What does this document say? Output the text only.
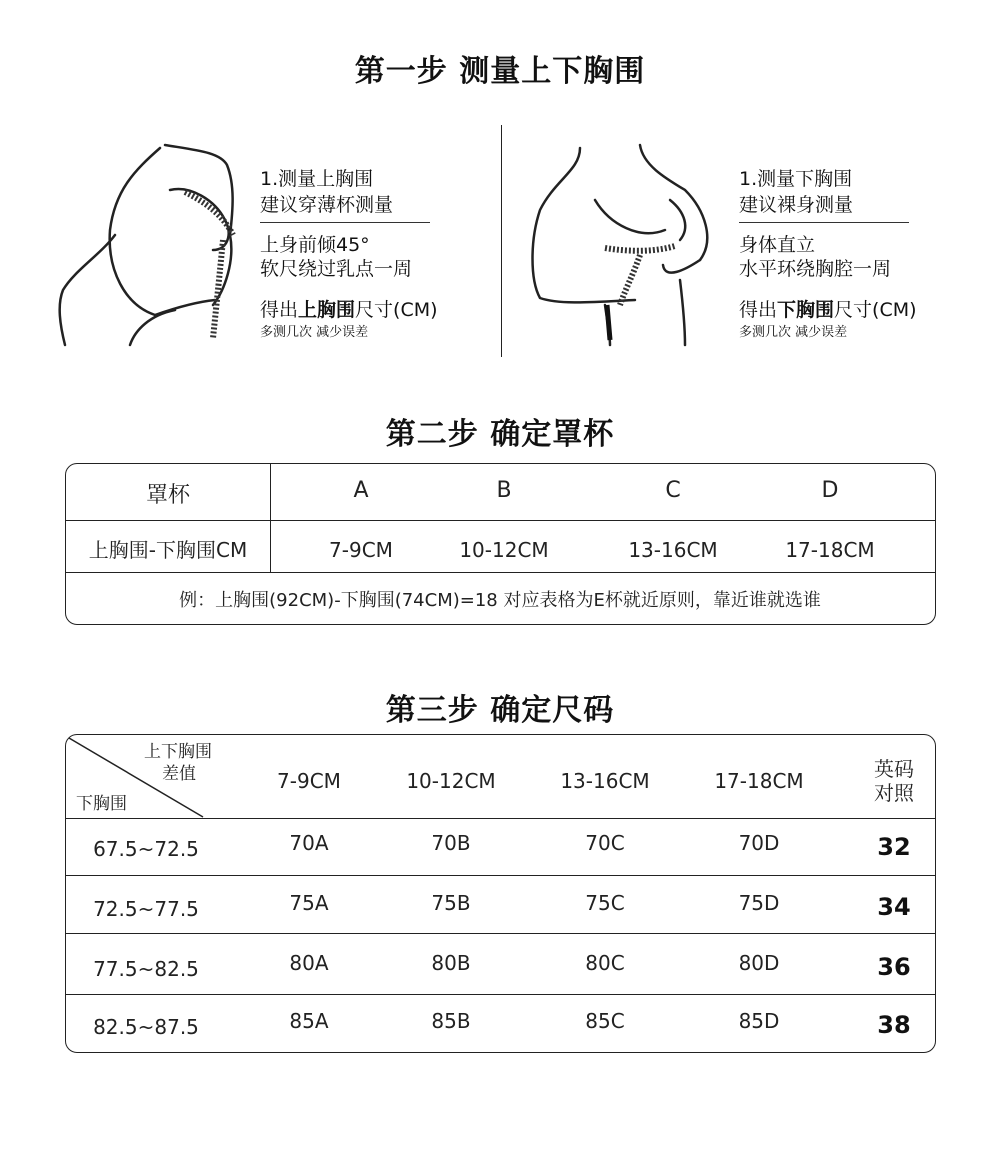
第一步 测量上下胸围
1.测量上胸围
建议穿薄杯测量
上身前倾45°
软尺绕过乳点一周
得出上胸围尺寸(CM)
多测几次 减少误差
1.测量下胸围
建议裸身测量
身体直立
水平环绕胸腔一周
得出下胸围尺寸(CM)
多测几次 减少误差
第二步 确定罩杯
罩杯	A	B	C	D
上胸围-下胸围CM	7-9CM	10-12CM	13-16CM	17-18CM
例：上胸围(92CM)-下胸围(74CM)=18 对应表格为E杯就近原则，靠近谁就选谁
第三步 确定尺码
上下胸围
差值
下胸围
7-9CM	10-12CM	13-16CM	17-18CM	英码
对照
67.5~72.5	70A	70B	70C	70D	32
72.5~77.5	75A	75B	75C	75D	34
77.5~82.5	80A	80B	80C	80D	36
82.5~87.5	85A	85B	85C	85D	38
